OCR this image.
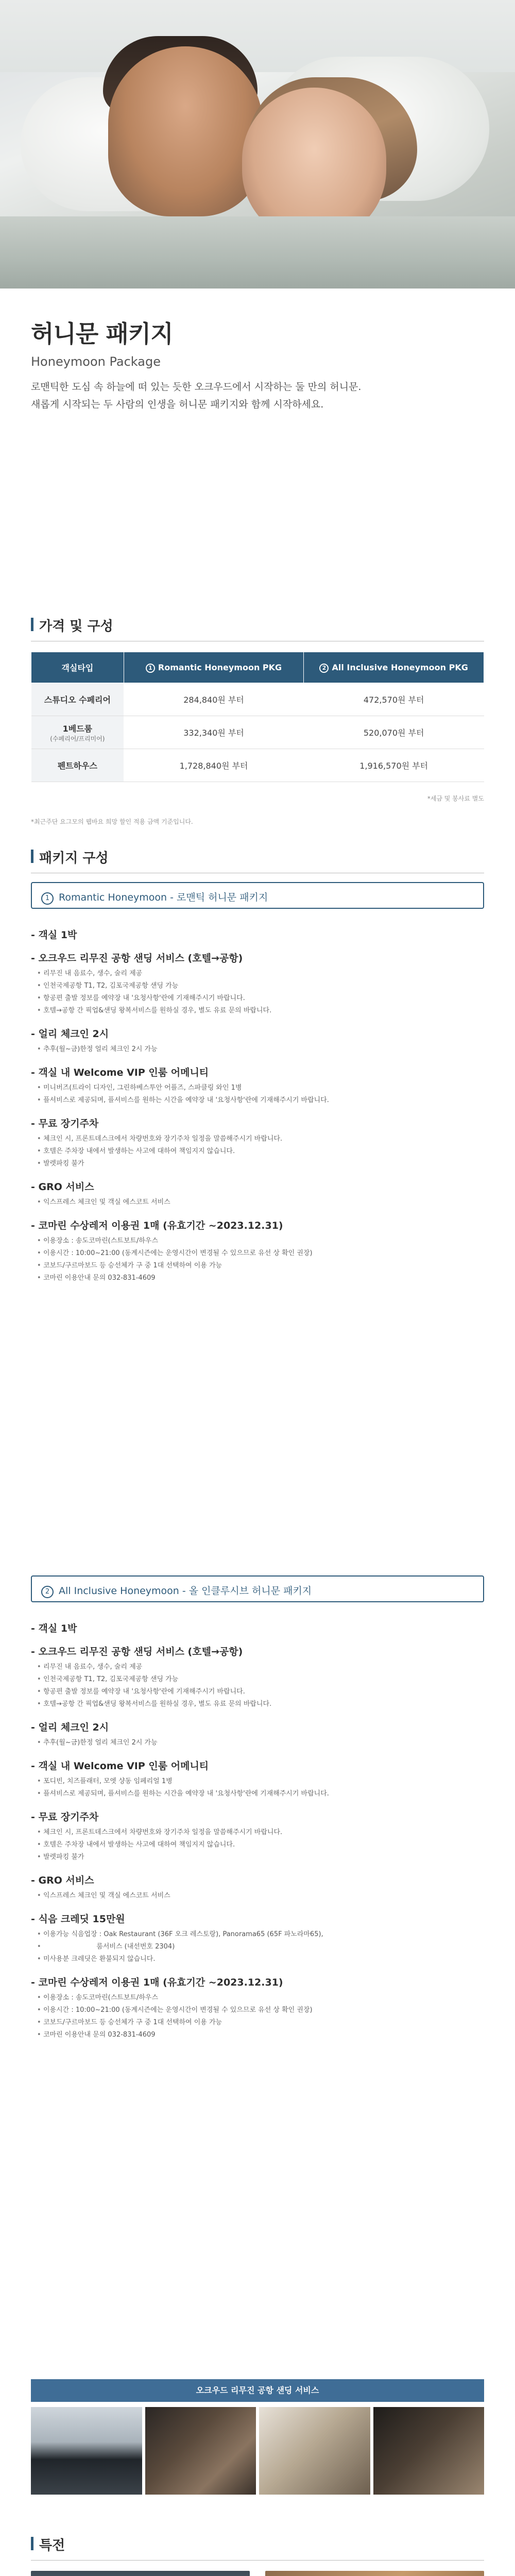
허니문 패키지
Honeymoon Package

로맨틱한 도심 속 하늘에 떠 있는 듯한 오크우드에서 시작하는 둘 만의 허니문.
새롭게 시작되는 두 사람의 인생을 허니문 패키지와 함께 시작하세요.

가격 및 구성
객실타입	1 Romantic Honeymoon PKG	2 All Inclusive Honeymoon PKG
스튜디오 수페리어	284,840원 부터	472,570원 부터
1베드룸
(수페리어/프리미어)	332,340원 부터	520,070원 부터
펜트하우스	1,728,840원 부터	1,916,570원 부터
*세금 및 봉사료 별도
*최근주단 요그모의 웹바요 희망 할인 적용 금액 기준입니다.
패키지 구성
1 Romantic Honeymoon - 로맨틱 허니문 패키지
- 객실 1박
- 오크우드 리무진 공항 샌딩 서비스 (호텔→공항)
• 리무진 내 음료수, 생수, 술리 제공
• 인천국제공항 T1, T2, 김포국제공항 샌딩 가능
• 항공편 출발 정보를 예약장 내 '요청사항'란에 기재해주시기 바랍니다.
• 호텔→공항 간 픽업&샌딩 왕복서비스를 원하실 경우, 별도 유료 문의 바랍니다.
- 얼리 체크인 2시
• 추후(월~금)한정 얼리 체크인 2시 가능
- 객실 내 Welcome VIP 인룸 어메니티
• 미니버즈(트라이 디자인, 그린하베스투안 어플즈, 스파클링 와인 1병
• 플셔비스로 제공되며, 플셔비스를 원하는 시간을 예약장 내 '요청사항'란에 기재해주시기 바랍니다.
- 무료 장기주차
• 체크인 시, 프론트데스크에서 차량번호와 장기주차 일정을 말씀해주시기 바랍니다.
• 호텔은 주차장 내에서 발생하는 사고에 대하여 책임지지 않습니다.
• 발렛파킹 불가
- GRO 서비스
• 익스프레스 체크인 및 객실 에스코트 서비스
- 코마린 수상레저 이용권 1매 (유효기간 ~2023.12.31)
• 이용장소 : 송도코마린(스트보트/하우스
• 이용시간 : 10:00~21:00 (동계시즌에는 운영시간이 변경될 수 있으므로 유선 상 확인 권장)
• 코보드/구르마보드 등 승선체가 구 중 1대 선택하여 이용 가능
• 코마린 이용안내 문의 032-831-4609
2 All Inclusive Honeymoon - 올 인클루시브 허니문 패키지
- 객실 1박
- 오크우드 리무진 공항 샌딩 서비스 (호텔→공항)
• 리무진 내 음료수, 생수, 술리 제공
• 인천국제공항 T1, T2, 김포국제공항 샌딩 가능
• 항공편 출발 정보를 예약장 내 '요청사항'란에 기재해주시기 바랍니다.
• 호텔→공항 간 픽업&샌딩 왕복서비스를 원하실 경우, 별도 유료 문의 바랍니다.
- 얼리 체크인 2시
• 추후(월~금)한정 얼리 체크인 2시 가능
- 객실 내 Welcome VIP 인룸 어메니티
• 포디빈, 치즈플래터, 모엣 샹동 임페리얼 1병
• 플셔비스로 제공되며, 플셔비스를 원하는 시간을 예약장 내 '요청사항'란에 기재해주시기 바랍니다.
- 무료 장기주차
• 체크인 시, 프론트데스크에서 차량번호와 장기주차 일정을 말씀해주시기 바랍니다.
• 호텔은 주차장 내에서 발생하는 사고에 대하여 책임지지 않습니다.
• 발렛파킹 불가
- GRO 서비스
• 익스프레스 체크인 및 객실 에스코트 서비스
- 식음 크레딧 15만원
• 이용가능 식음업장 : Oak Restaurant (36F 오크 레스토랑), Panorama65 (65F 파노라마65),
•                          룸서비스 (내선번호 2304)
• 미사용분 크레딧은 환불되지 않습니다.
- 코마린 수상레저 이용권 1매 (유효기간 ~2023.12.31)
• 이용장소 : 송도코마린(스트보트/하우스
• 이용시간 : 10:00~21:00 (동계시즌에는 운영시간이 변경될 수 있으므로 유선 상 확인 권장)
• 코보드/구르마보드 등 승선체가 구 중 1대 선택하여 이용 가능
• 코마린 이용안내 문의 032-831-4609
오크우드 리무진 공항 샌딩 서비스
특전
